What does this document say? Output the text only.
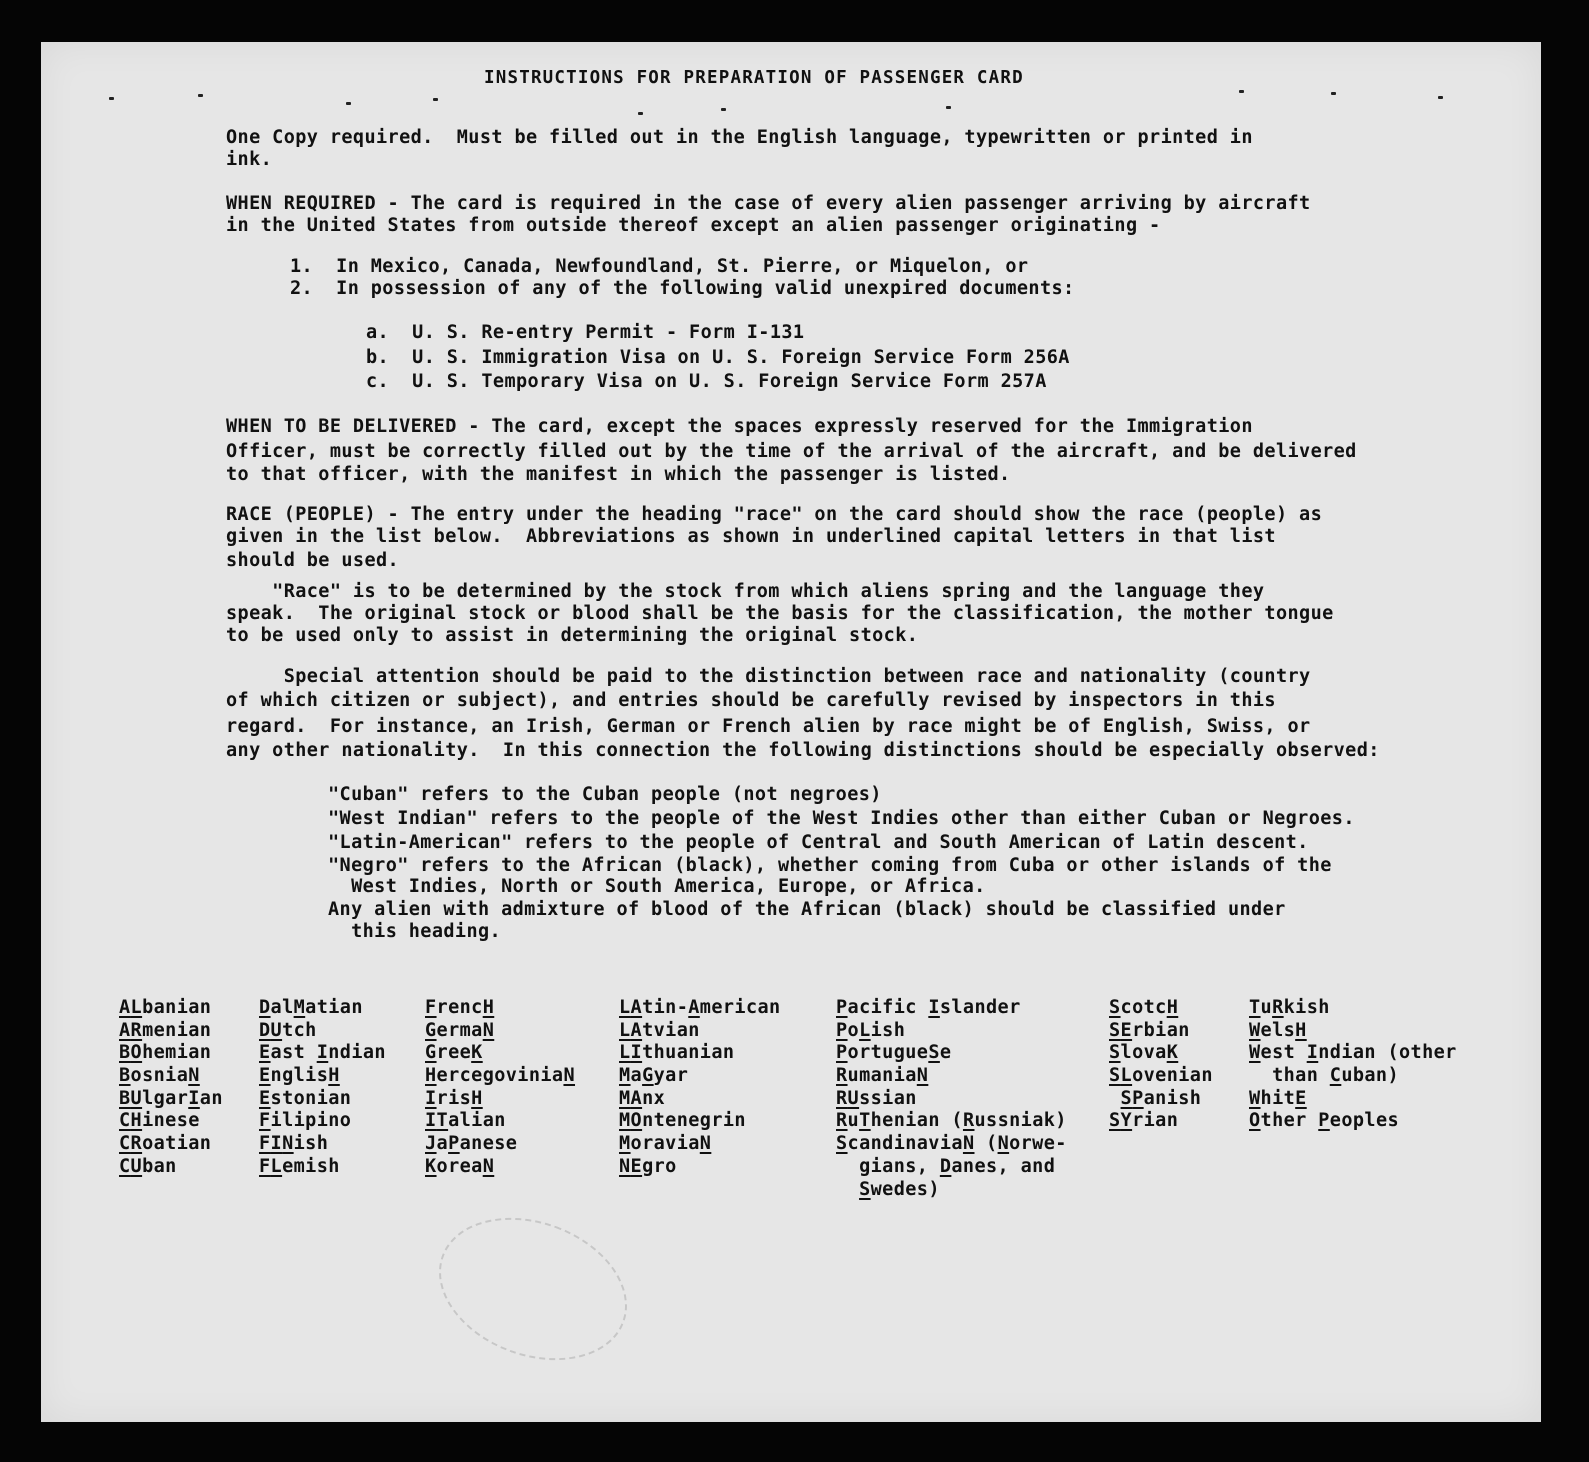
INSTRUCTIONS FOR PREPARATION OF PASSENGER CARD
One Copy required.  Must be filled out in the English language, typewritten or printed in
ink.
WHEN REQUIRED - The card is required in the case of every alien passenger arriving by aircraft
in the United States from outside thereof except an alien passenger originating -
1.  In Mexico, Canada, Newfoundland, St. Pierre, or Miquelon, or
2.  In possession of any of the following valid unexpired documents:
a.  U. S. Re-entry Permit - Form I-131
b.  U. S. Immigration Visa on U. S. Foreign Service Form 256A
c.  U. S. Temporary Visa on U. S. Foreign Service Form 257A
WHEN TO BE DELIVERED - The card, except the spaces expressly reserved for the Immigration
Officer, must be correctly filled out by the time of the arrival of the aircraft, and be delivered
to that officer, with the manifest in which the passenger is listed.
RACE (PEOPLE) - The entry under the heading "race" on the card should show the race (people) as
given in the list below.  Abbreviations as shown in underlined capital letters in that list
should be used.
"Race" is to be determined by the stock from which aliens spring and the language they
speak.  The original stock or blood shall be the basis for the classification, the mother tongue
to be used only to assist in determining the original stock.
Special attention should be paid to the distinction between race and nationality (country
of which citizen or subject), and entries should be carefully revised by inspectors in this
regard.  For instance, an Irish, German or French alien by race might be of English, Swiss, or
any other nationality.  In this connection the following distinctions should be especially observed:
"Cuban" refers to the Cuban people (not negroes)
"West Indian" refers to the people of the West Indies other than either Cuban or Negroes.
"Latin-American" refers to the people of Central and South American of Latin descent.
"Negro" refers to the African (black), whether coming from Cuba or other islands of the
West Indies, North or South America, Europe, or Africa.
Any alien with admixture of blood of the African (black) should be classified under
this heading.
ALbanian
ARmenian
BOhemian
BosniaN
BUlgarIan
CHinese
CRoatian
CUban
DalMatian
DUtch
East Indian
EnglisH
Estonian
Filipino
FINish
FLemish
FrencH
GermaN
GreeK
HercegoviniaN
IrisH
ITalian
JaPanese
KoreaN
LAtin-American
LAtvian
LIthuanian
MaGyar
MAnx
MOntenegrin
MoraviaN
NEgro
Pacific Islander
PoLish
PortugueSe
RumaniaN
RUssian
RuThenian (Russniak)
ScandinaviaN (Norwe-
gians, Danes, and
Swedes)
ScotcH
SErbian
SlovaK
SLovenian
SPanish
SYrian
TuRkish
WelsH
West Indian (other
than Cuban)
WhitE
Other Peoples
